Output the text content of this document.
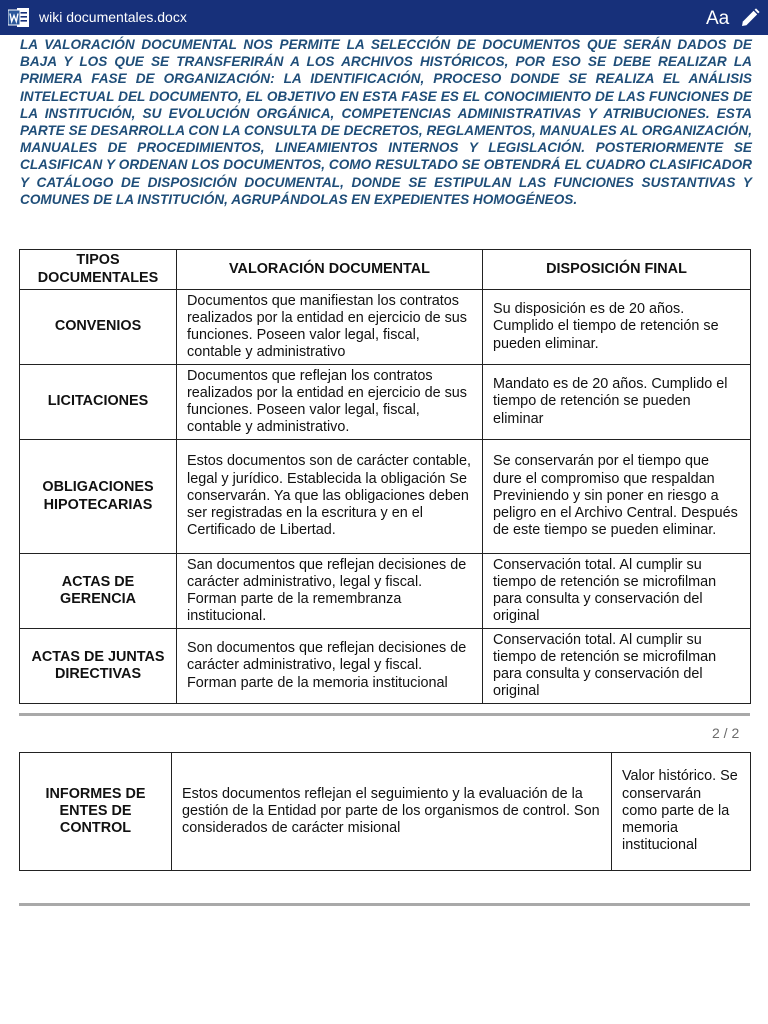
wiki documentales.docx	Aa

LA VALORACIÓN DOCUMENTAL NOS PERMITE LA SELECCIÓN DE DOCUMENTOS QUE SERÁN DADOS DE BAJA Y LOS QUE SE TRANSFERIRÁN A LOS ARCHIVOS HISTÓRICOS, POR ESO SE DEBE REALIZAR LA PRIMERA FASE DE ORGANIZACIÓN: LA IDENTIFICACIÓN, PROCESO DONDE SE REALIZA EL ANÁLISIS INTELECTUAL DEL DOCUMENTO, EL OBJETIVO EN ESTA FASE ES EL CONOCIMIENTO DE LAS FUNCIONES DE LA INSTITUCIÓN, SU EVOLUCIÓN ORGÁNICA, COMPETENCIAS ADMINISTRATIVAS Y ATRIBUCIONES. ESTA PARTE SE DESARROLLA CON LA CONSULTA DE DECRETOS, REGLAMENTOS, MANUALES AL ORGANIZACIÓN, MANUALES DE PROCEDIMIENTOS, LINEAMIENTOS INTERNOS Y LEGISLACIÓN. POSTERIORMENTE SE CLASIFICAN Y ORDENAN LOS DOCUMENTOS, COMO RESULTADO SE OBTENDRÁ EL CUADRO CLASIFICADOR Y CATÁLOGO DE DISPOSICIÓN DOCUMENTAL, DONDE SE ESTIPULAN LAS FUNCIONES SUSTANTIVAS Y COMUNES DE LA INSTITUCIÓN, AGRUPÁNDOLAS EN EXPEDIENTES HOMOGÉNEOS.

TIPOS DOCUMENTALES	VALORACIÓN DOCUMENTAL	DISPOSICIÓN FINAL
CONVENIOS	Documentos que manifiestan los contratos realizados por la entidad en ejercicio de sus funciones. Poseen valor legal, fiscal, contable y administrativo	Su disposición es de 20 años. Cumplido el tiempo de retención se pueden eliminar.
LICITACIONES	Documentos que reflejan los contratos realizados por la entidad en ejercicio de sus funciones. Poseen valor legal, fiscal, contable y administrativo.	Mandato es de 20 años. Cumplido el tiempo de retención se pueden eliminar
OBLIGACIONES HIPOTECARIAS	Estos documentos son de carácter contable, legal y jurídico. Establecida la obligación Se conservarán. Ya que las obligaciones deben ser registradas en la escritura y en el Certificado de Libertad.	Se conservarán por el tiempo que dure el compromiso que respaldan Previniendo y sin poner en riesgo a peligro en el Archivo Central. Después de este tiempo se pueden eliminar.
ACTAS DE GERENCIA	San documentos que reflejan decisiones de carácter administrativo, legal y fiscal. Forman parte de la remembranza institucional.	Conservación total. Al cumplir su tiempo de retención se microfilman para consulta y conservación del original
ACTAS DE JUNTAS DIRECTIVAS	Son documentos que reflejan decisiones de carácter administrativo, legal y fiscal. Forman parte de la memoria institucional	Conservación total. Al cumplir su tiempo de retención se microfilman para consulta y conservación del original
2 / 2
INFORMES DE ENTES DE CONTROL	Estos documentos reflejan el seguimiento y la evaluación de la gestión de la Entidad por parte de los organismos de control. Son considerados de carácter misional	Valor histórico. Se conservarán como parte de la memoria institucional
